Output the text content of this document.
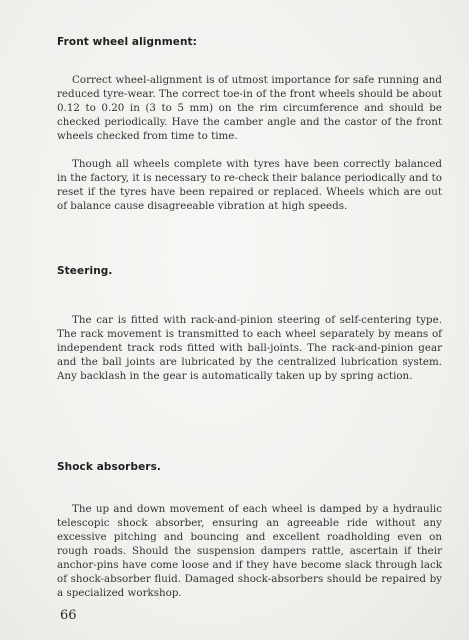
Front wheel alignment:

Correct wheel-alignment is of utmost importance for safe running and reduced tyre-wear. The correct toe-in of the front wheels should be about 0.12 to 0.20 in (3 to 5 mm) on the rim circumference and should be checked periodically. Have the camber angle and the castor of the front wheels checked from time to time.

Though all wheels complete with tyres have been correctly balanced in the factory, it is necessary to re-check their balance periodically and to reset if the tyres have been repaired or replaced. Wheels which are out of balance cause disagreeable vibration at high speeds.

Steering.

The car is fitted with rack-and-pinion steering of self-centering type. The rack movement is transmitted to each wheel separately by means of independent track rods fitted with ball-joints. The rack-and-pinion gear and the ball joints are lubricated by the centralized lubrication system. Any backlash in the gear is automatically taken up by spring action.

Shock absorbers.

The up and down movement of each wheel is damped by a hydraulic telescopic shock absorber, ensuring an agreeable ride without any excessive pitching and bouncing and excellent roadholding even on rough roads. Should the suspension dampers rattle, ascertain if their anchor-pins have come loose and if they have become slack through lack of shock-absorber fluid. Damaged shock-absorbers should be repaired by a specialized workshop.

66
